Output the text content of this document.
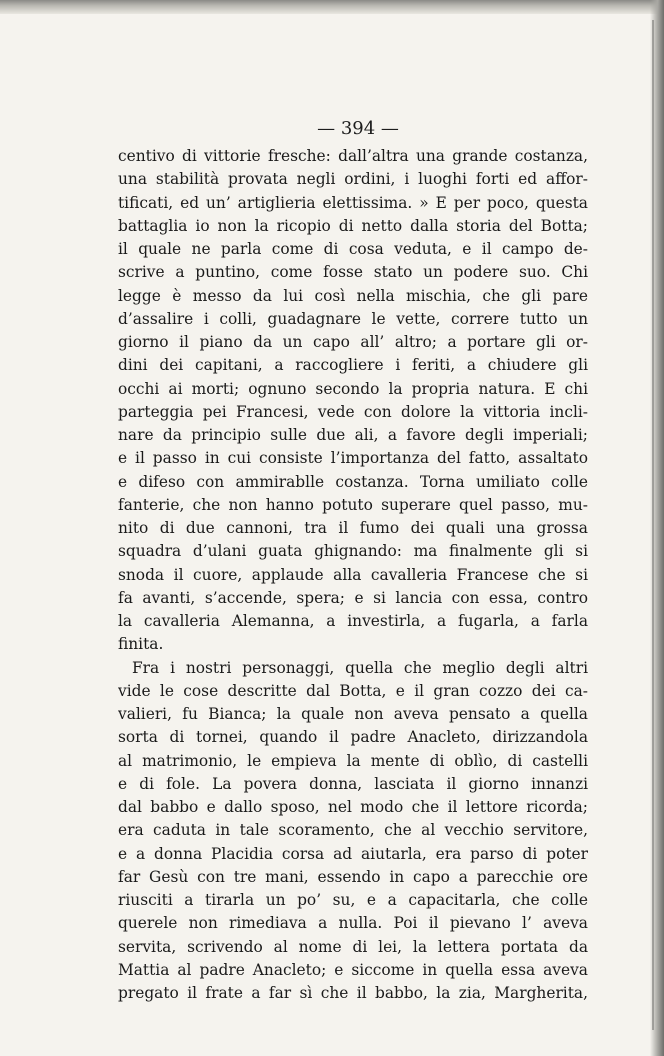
— 394 —
centivo di vittorie fresche: dall’altra una grande costanza,
una stabilità provata negli ordini, i luoghi forti ed affor-
tificati, ed un’ artiglieria elettissima. » E per poco, questa
battaglia io non la ricopio di netto dalla storia del Botta;
il quale ne parla come di cosa veduta, e il campo de-
scrive a puntino, come fosse stato un podere suo. Chi
legge è messo da lui così nella mischia, che gli pare
d’assalire i colli, guadagnare le vette, correre tutto un
giorno il piano da un capo all’ altro; a portare gli or-
dini dei capitani, a raccogliere i feriti, a chiudere gli
occhi ai morti; ognuno secondo la propria natura. E chi
parteggia pei Francesi, vede con dolore la vittoria incli-
nare da principio sulle due ali, a favore degli imperiali;
e il passo in cui consiste l’importanza del fatto, assaltato
e difeso con ammirablle costanza. Torna umiliato colle
fanterie, che non hanno potuto superare quel passo, mu-
nito di due cannoni, tra il fumo dei quali una grossa
squadra d’ulani guata ghignando: ma finalmente gli si
snoda il cuore, applaude alla cavalleria Francese che si
fa avanti, s’accende, spera; e si lancia con essa, contro
la cavalleria Alemanna, a investirla, a fugarla, a farla
finita.
Fra i nostri personaggi, quella che meglio degli altri
vide le cose descritte dal Botta, e il gran cozzo dei ca-
valieri, fu Bianca; la quale non aveva pensato a quella
sorta di tornei, quando il padre Anacleto, dirizzandola
al matrimonio, le empieva la mente di oblìo, di castelli
e di fole. La povera donna, lasciata il giorno innanzi
dal babbo e dallo sposo, nel modo che il lettore ricorda;
era caduta in tale scoramento, che al vecchio servitore,
e a donna Placidia corsa ad aiutarla, era parso di poter
far Gesù con tre mani, essendo in capo a parecchie ore
riusciti a tirarla un po’ su, e a capacitarla, che colle
querele non rimediava a nulla. Poi il pievano l’ aveva
servita, scrivendo al nome di lei, la lettera portata da
Mattia al padre Anacleto; e siccome in quella essa aveva
pregato il frate a far sì che il babbo, la zia, Margherita,
